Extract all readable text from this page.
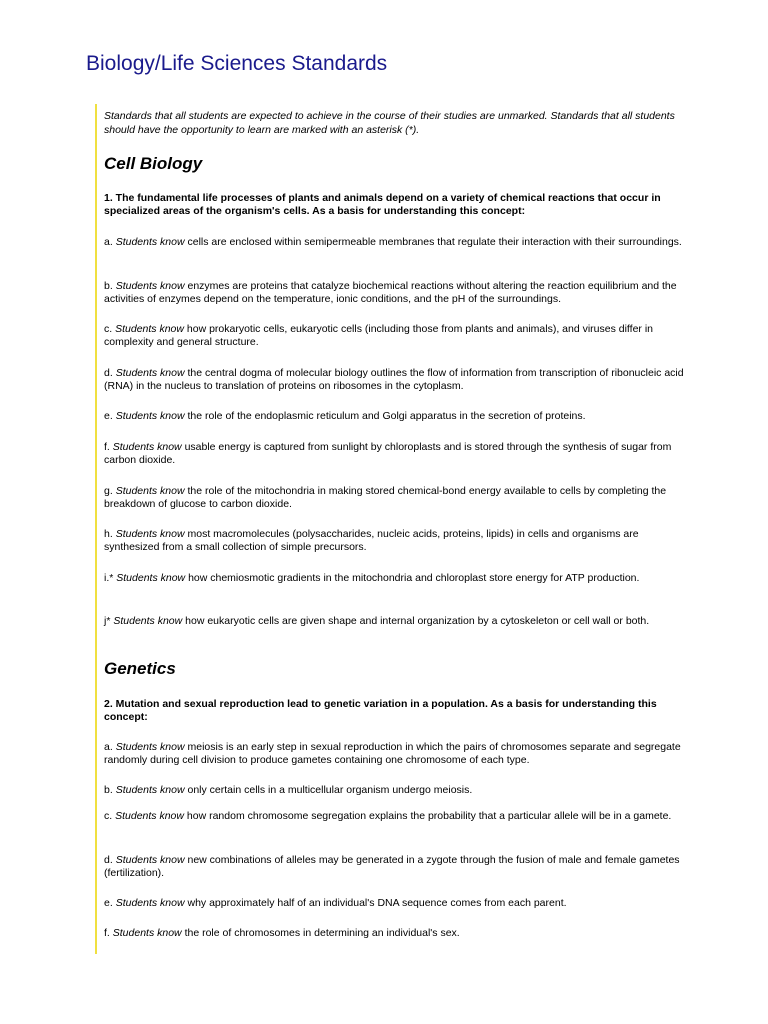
Biology/Life Sciences Standards

Standards that all students are expected to achieve in the course of their studies are unmarked. Standards that all students should have the opportunity to learn are marked with an asterisk (*).

Cell Biology

1. The fundamental life processes of plants and animals depend on a variety of chemical reactions that occur in specialized areas of the organism's cells. As a basis for understanding this concept:

a. Students know cells are enclosed within semipermeable membranes that regulate their interaction with their surroundings.

b. Students know enzymes are proteins that catalyze biochemical reactions without altering the reaction equilibrium and the activities of enzymes depend on the temperature, ionic conditions, and the pH of the surroundings.

c. Students know how prokaryotic cells, eukaryotic cells (including those from plants and animals), and viruses differ in complexity and general structure.

d. Students know the central dogma of molecular biology outlines the flow of information from transcription of ribonucleic acid (RNA) in the nucleus to translation of proteins on ribosomes in the cytoplasm.

e. Students know the role of the endoplasmic reticulum and Golgi apparatus in the secretion of proteins.

f. Students know usable energy is captured from sunlight by chloroplasts and is stored through the synthesis of sugar from carbon dioxide.

g. Students know the role of the mitochondria in making stored chemical-bond energy available to cells by completing the breakdown of glucose to carbon dioxide.

h. Students know most macromolecules (polysaccharides, nucleic acids, proteins, lipids) in cells and organisms are synthesized from a small collection of simple precursors.

i.* Students know how chemiosmotic gradients in the mitochondria and chloroplast store energy for ATP production.

j* Students know how eukaryotic cells are given shape and internal organization by a cytoskeleton or cell wall or both.

Genetics

2. Mutation and sexual reproduction lead to genetic variation in a population. As a basis for understanding this concept:

a. Students know meiosis is an early step in sexual reproduction in which the pairs of chromosomes separate and segregate randomly during cell division to produce gametes containing one chromosome of each type.

b. Students know only certain cells in a multicellular organism undergo meiosis.

c. Students know how random chromosome segregation explains the probability that a particular allele will be in a gamete.

d. Students know new combinations of alleles may be generated in a zygote through the fusion of male and female gametes (fertilization).

e. Students know why approximately half of an individual's DNA sequence comes from each parent.

f. Students know the role of chromosomes in determining an individual's sex.
